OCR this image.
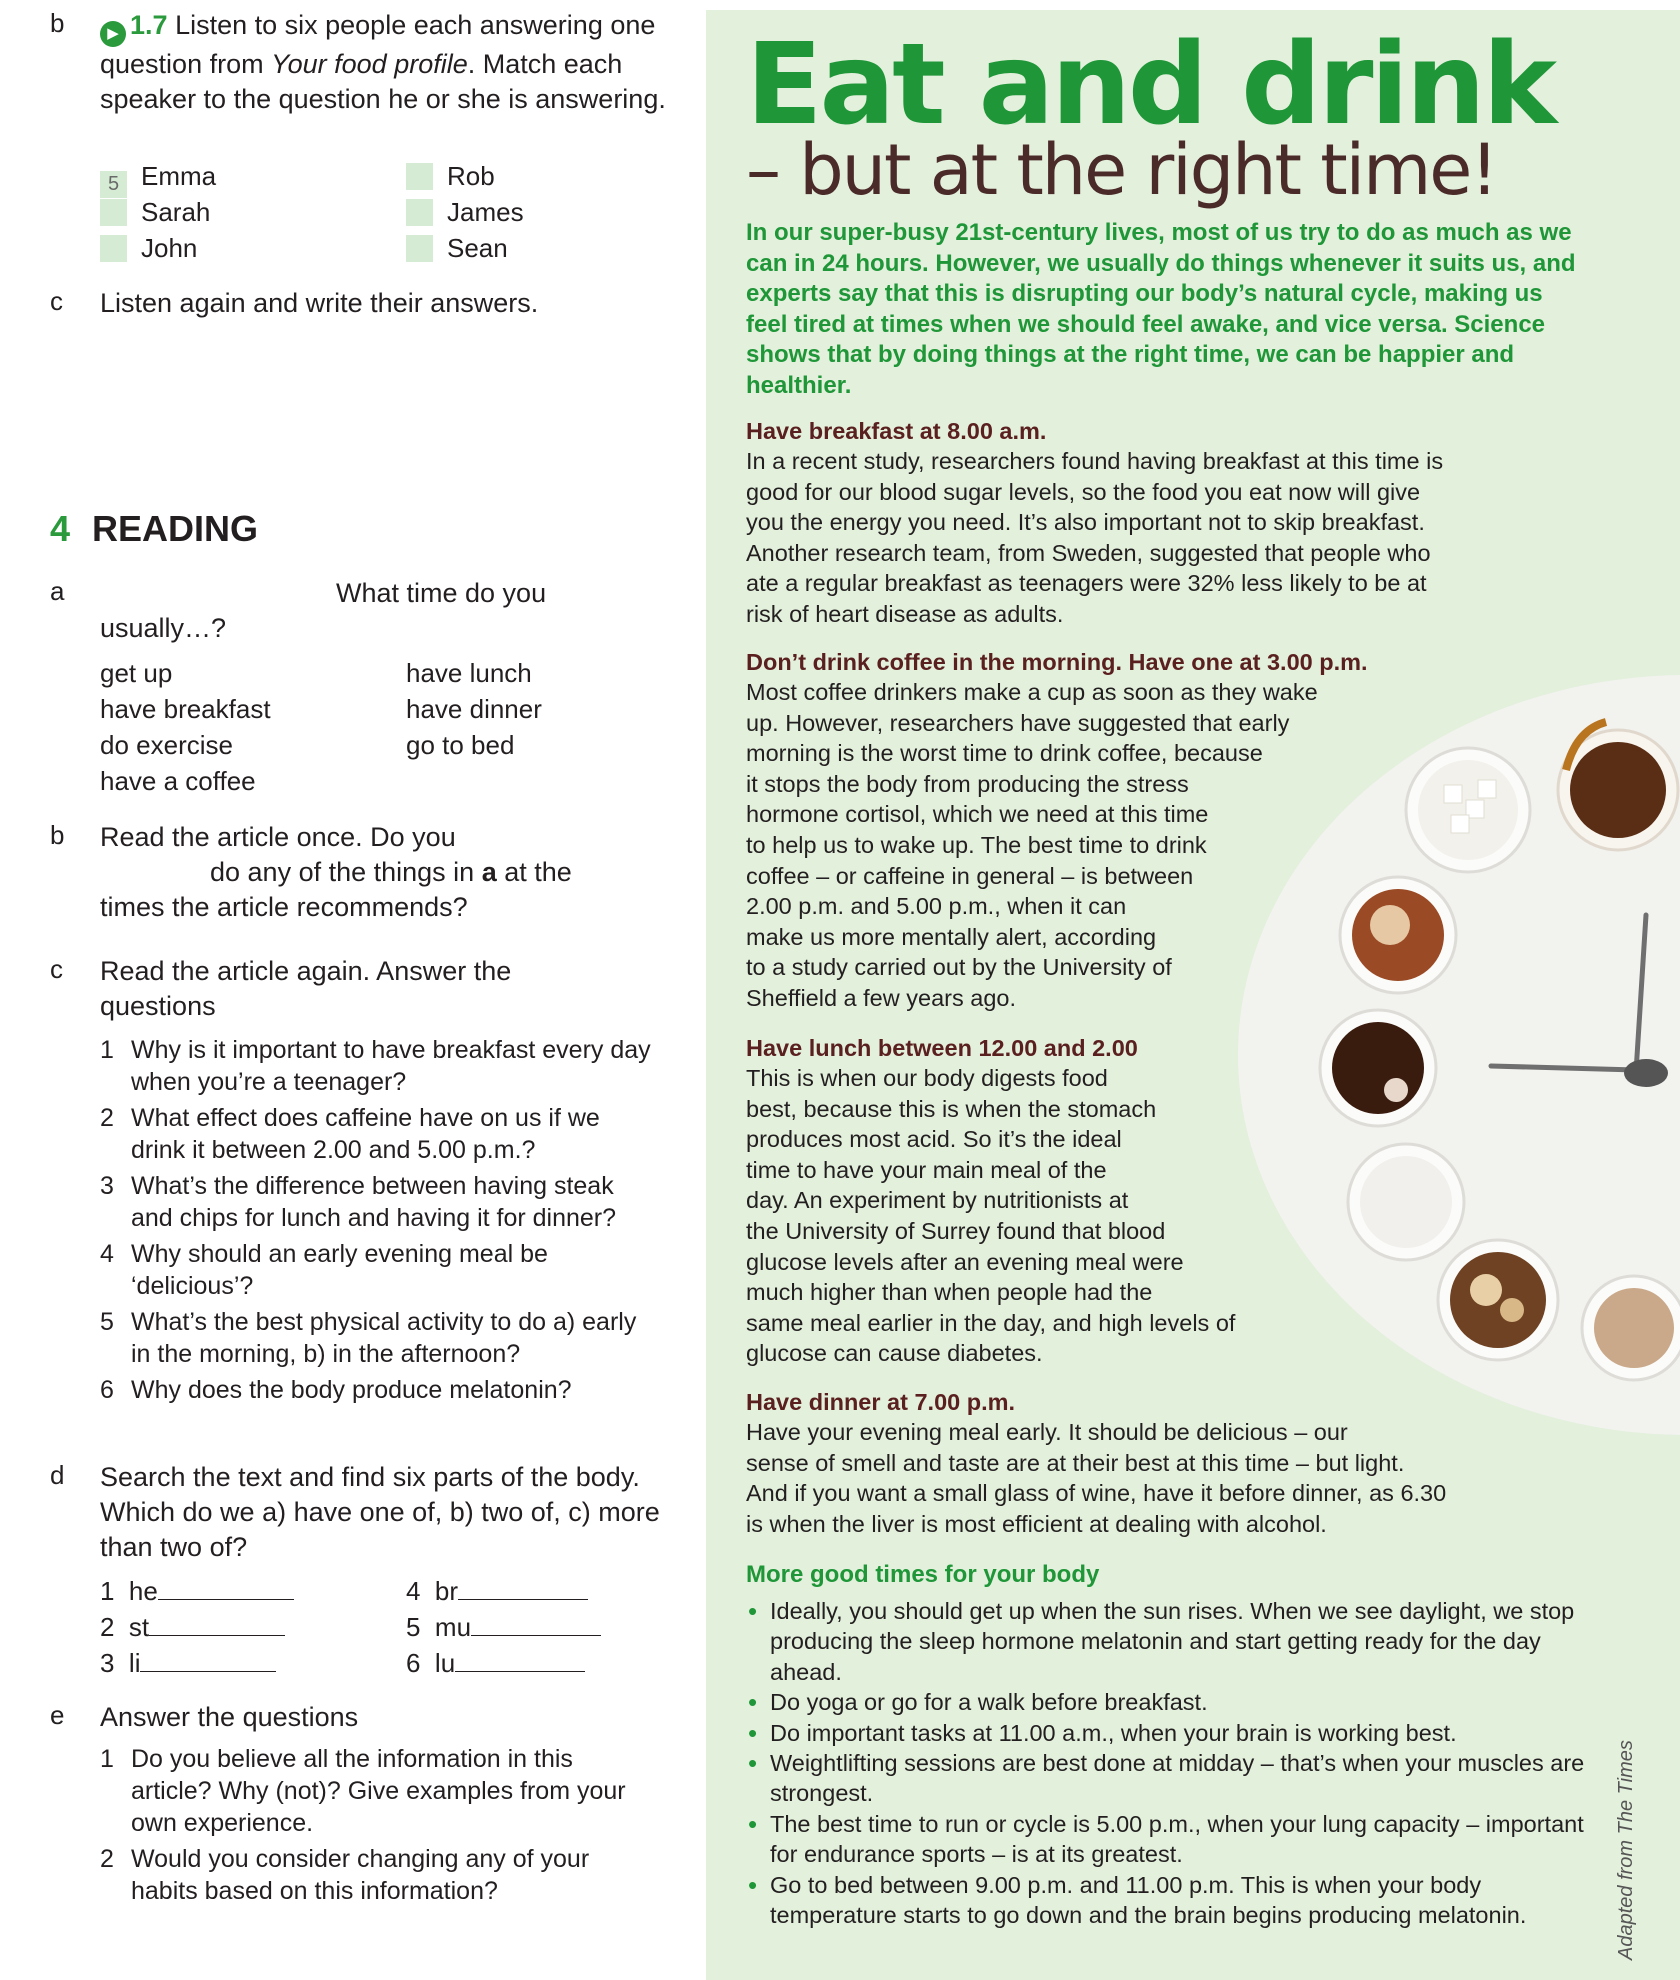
b	▶ 1.7 Listen to six people each answering one question from Your food profile. Match each speaker to the question he or she is answering.
5 Emma	Rob
Sarah	James
John	Sean
c Listen again and write their answers.
4 READING
a	What time do you
usually…?
get up	have lunch
have breakfast	have dinner
do exercise	go to bed
have a coffee
b Read the article once. Do you
do any of the things in a at the
times the article recommends?
c Read the article again. Answer the questions
1 Why is it important to have breakfast every day when you’re a teenager?
2 What effect does caffeine have on us if we drink it between 2.00 and 5.00 p.m.?
3 What’s the difference between having steak and chips for lunch and having it for dinner?
4 Why should an early evening meal be ‘delicious’?
5 What’s the best physical activity to do a) early in the morning, b) in the afternoon?
6 Why does the body produce melatonin?
d Search the text and find six parts of the body. Which do we a) have one of, b) two of, c) more than two of?
1  he	4  br
2  st	5  mu
3  li	6  lu
e Answer the questions
1 Do you believe all the information in this article? Why (not)? Give examples from your own experience.
2 Would you consider changing any of your habits based on this information?
Eat and drink
– but at the right time!
In our super-busy 21st-century lives, most of us try to do as much as we can in 24 hours. However, we usually do things whenever it suits us, and experts say that this is disrupting our body’s natural cycle, making us feel tired at times when we should feel awake, and vice versa. Science shows that by doing things at the right time, we can be happier and healthier.
Have breakfast at 8.00 a.m.
In a recent study, researchers found having breakfast at this time is
good for our blood sugar levels, so the food you eat now will give
you the energy you need. It’s also important not to skip breakfast.
Another research team, from Sweden, suggested that people who
ate a regular breakfast as teenagers were 32% less likely to be at
risk of heart disease as adults.
Don’t drink coffee in the morning. Have one at 3.00 p.m.
Most coffee drinkers make a cup as soon as they wake
up. However, researchers have suggested that early
morning is the worst time to drink coffee, because
it stops the body from producing the stress
hormone cortisol, which we need at this time
to help us to wake up. The best time to drink
coffee – or caffeine in general – is between
2.00 p.m. and 5.00 p.m., when it can
make us more mentally alert, according
to a study carried out by the University of
Sheffield a few years ago.
Have lunch between 12.00 and 2.00
This is when our body digests food
best, because this is when the stomach
produces most acid. So it’s the ideal
time to have your main meal of the
day. An experiment by nutritionists at
the University of Surrey found that blood
glucose levels after an evening meal were
much higher than when people had the
same meal earlier in the day, and high levels of
glucose can cause diabetes.
Have dinner at 7.00 p.m.
Have your evening meal early. It should be delicious – our
sense of smell and taste are at their best at this time – but light.
And if you want a small glass of wine, have it before dinner, as 6.30
is when the liver is most efficient at dealing with alcohol.
More good times for your body
• Ideally, you should get up when the sun rises. When we see daylight, we stop producing the sleep hormone melatonin and start getting ready for the day ahead.
• Do yoga or go for a walk before breakfast.
• Do important tasks at 11.00 a.m., when your brain is working best.
• Weightlifting sessions are best done at midday – that’s when your muscles are strongest.
• The best time to run or cycle is 5.00 p.m., when your lung capacity – important for endurance sports – is at its greatest.
• Go to bed between 9.00 p.m. and 11.00 p.m. This is when your body temperature starts to go down and the brain begins producing melatonin.	Adapted from The Times
